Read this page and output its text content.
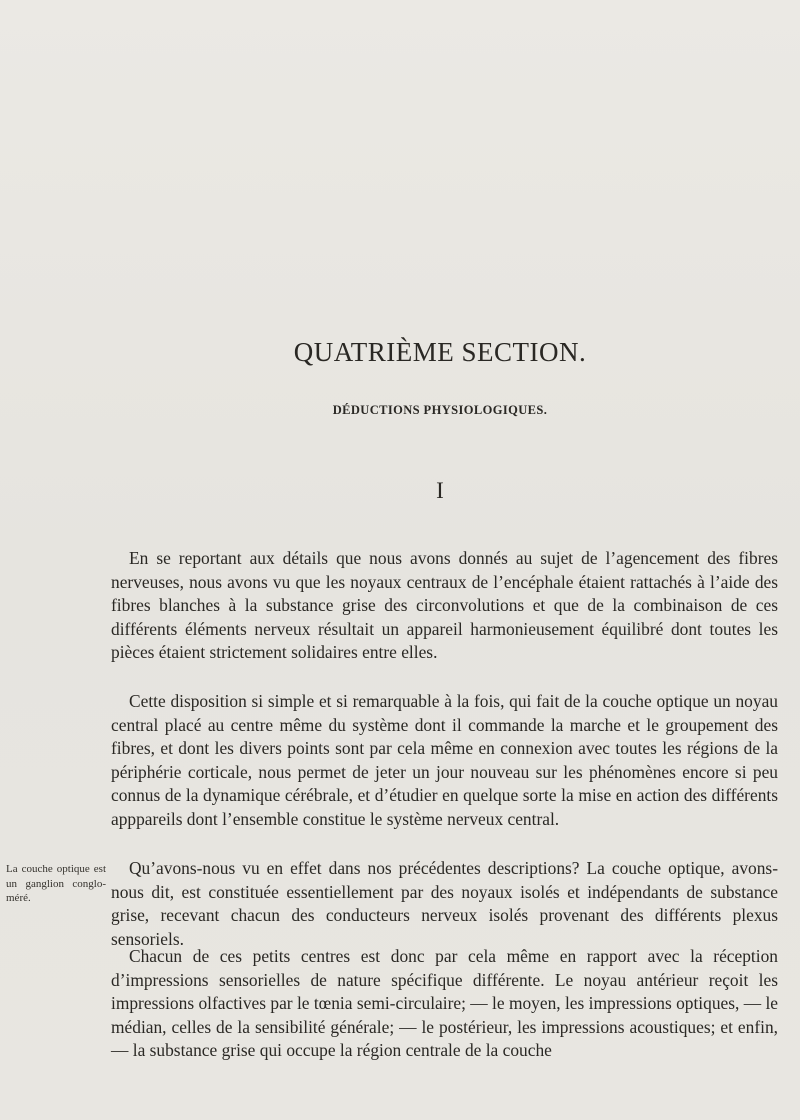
QUATRIÈME SECTION.
DÉDUCTIONS PHYSIOLOGIQUES.
I

En se reportant aux détails que nous avons donnés au sujet de l’agencement des fibres nerveuses, nous avons vu que les noyaux centraux de l’encéphale étaient rattachés à l’aide des fibres blanches à la substance grise des circonvolutions et que de la combinaison de ces différents éléments nerveux résultait un appareil harmonieusement équilibré dont toutes les pièces étaient strictement solidaires entre elles.

Cette disposition si simple et si remarquable à la fois, qui fait de la couche optique un noyau central placé au centre même du système dont il commande la marche et le groupement des fibres, et dont les divers points sont par cela même en connexion avec toutes les régions de la périphérie corticale, nous permet de jeter un jour nouveau sur les phénomènes encore si peu connus de la dynamique cérébrale, et d’étudier en quelque sorte la mise en action des différents apppareils dont l’ensemble constitue le système nerveux central.

La couche optique est un ganglion congloméré.

Qu’avons-nous vu en effet dans nos précédentes descriptions? La couche optique, avons-nous dit, est constituée essentiellement par des noyaux isolés et indépendants de substance grise, recevant chacun des conducteurs nerveux isolés provenant des différents plexus sensoriels.

Chacun de ces petits centres est donc par cela même en rapport avec la réception d’impressions sensorielles de nature spécifique différente. Le noyau antérieur reçoit les impressions olfactives par le tœnia semi-circulaire; — le moyen, les impressions optiques, — le médian, celles de la sensibilité générale; — le postérieur, les impressions acoustiques; et enfin, — la substance grise qui occupe la région centrale de la couche
